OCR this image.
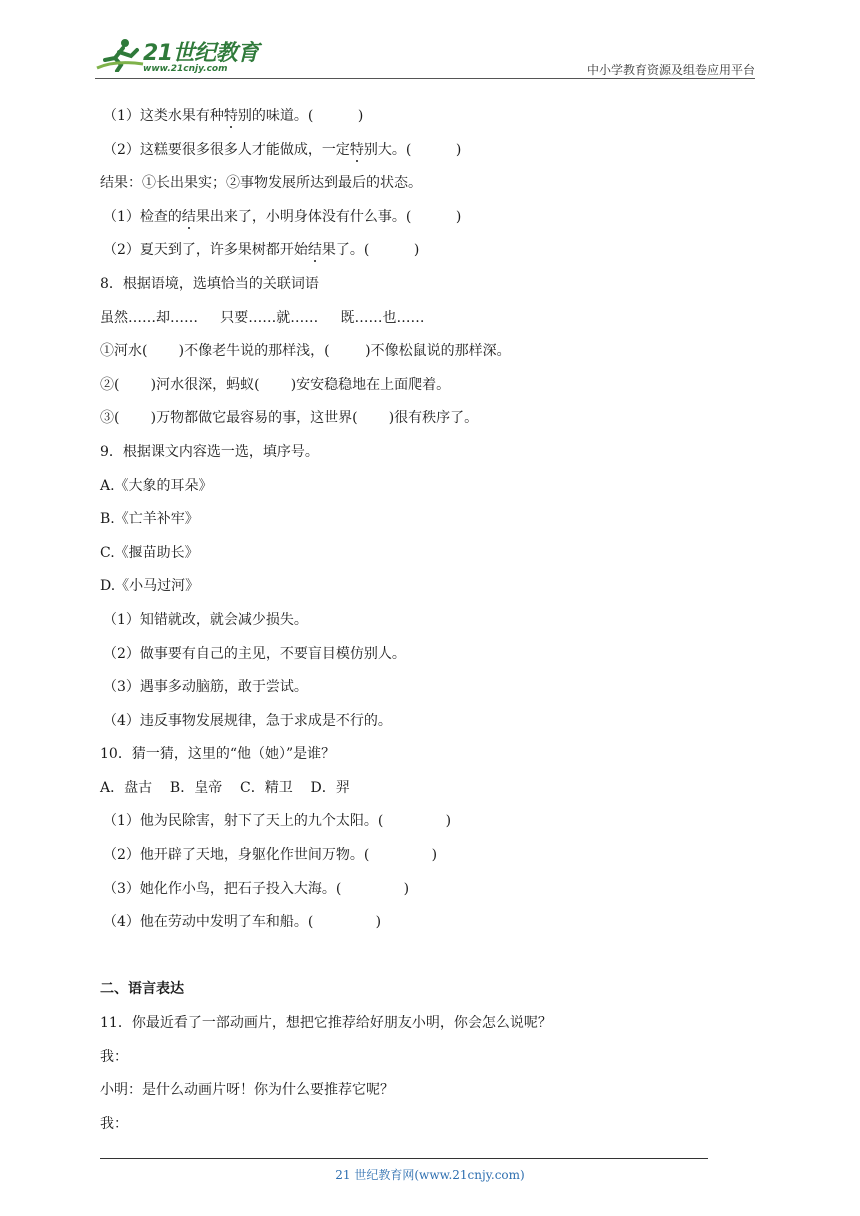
21世纪教育
www.21cnjy.com	中小学教育资源及组卷应用平台
（1）这类水果有种特别的味道。(          )
（2）这糕要很多很多人才能做成，一定特别大。(          )
结果：①长出果实；②事物发展所达到最后的状态。
（1）检查的结果出来了，小明身体没有什么事。(          )
（2）夏天到了，许多果树都开始结果了。(          )
8．根据语境，选填恰当的关联词语
虽然……却……     只要……就……     既……也……
①河水(       )不像老牛说的那样浅，(        )不像松鼠说的那样深。
②(       )河水很深，蚂蚁(       )安安稳稳地在上面爬着。
③(       )万物都做它最容易的事，这世界(       )很有秩序了。
9．根据课文内容选一选，填序号。
A.《大象的耳朵》
B.《亡羊补牢》
C.《揠苗助长》
D.《小马过河》
（1）知错就改，就会减少损失。
（2）做事要有自己的主见，不要盲目模仿别人。
（3）遇事多动脑筋，敢于尝试。
（4）违反事物发展规律，急于求成是不行的。
10．猜一猜，这里的“他（她）”是谁？
A．盘古    B．皇帝    C．精卫    D．羿
（1）他为民除害，射下了天上的九个太阳。(              )
（2）他开辟了天地，身躯化作世间万物。(              )
（3）她化作小鸟，把石子投入大海。(              )
（4）他在劳动中发明了车和船。(              )
二、语言表达
11．你最近看了一部动画片，想把它推荐给好朋友小明，你会怎么说呢？
我：
小明：是什么动画片呀！你为什么要推荐它呢？
我：
21 世纪教育网(www.21cnjy.com)
